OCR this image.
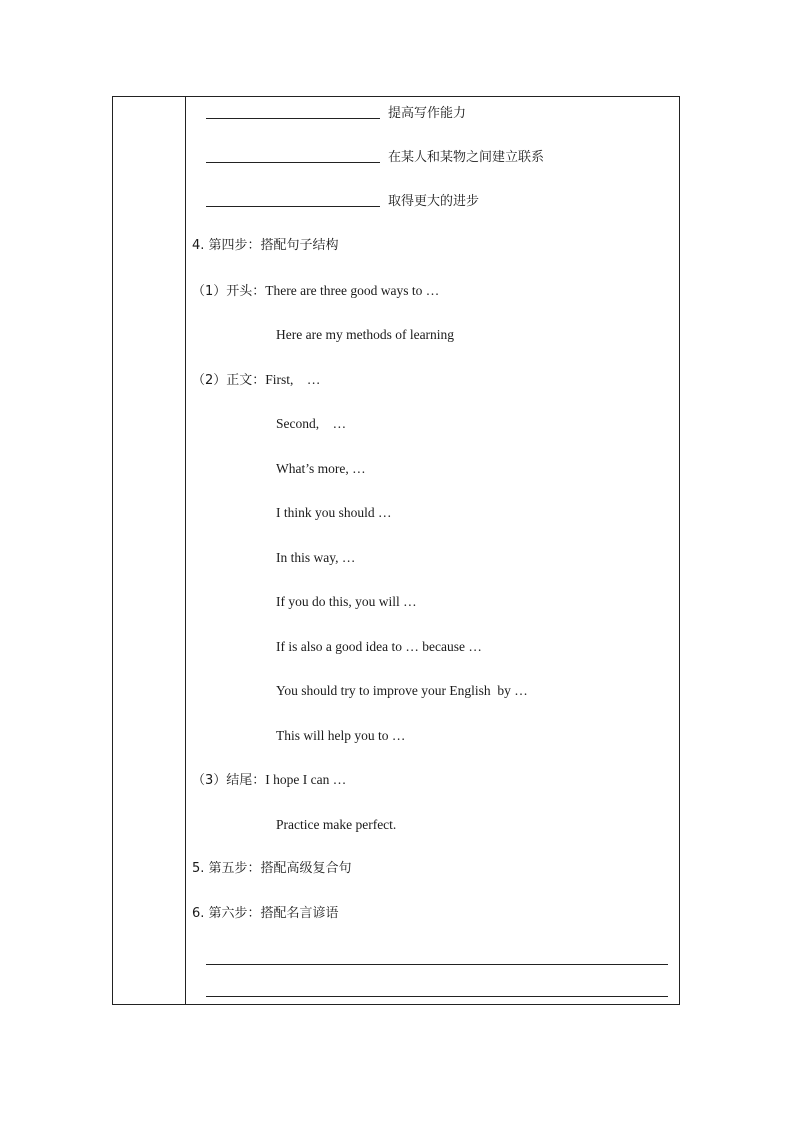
提高写作能力
在某人和某物之间建立联系
取得更大的进步
4. 第四步：搭配句子结构
（1）开头：There are three good ways to …
Here are my methods of learning
（2）正文：First,    …
Second,    …
What’s more, …
I think you should …
In this way, …
If you do this, you will …
If is also a good idea to … because …
You should try to improve your English  by …
This will help you to …
（3）结尾：I hope I can …
Practice make perfect.
5. 第五步：搭配高级复合句
6. 第六步：搭配名言谚语
